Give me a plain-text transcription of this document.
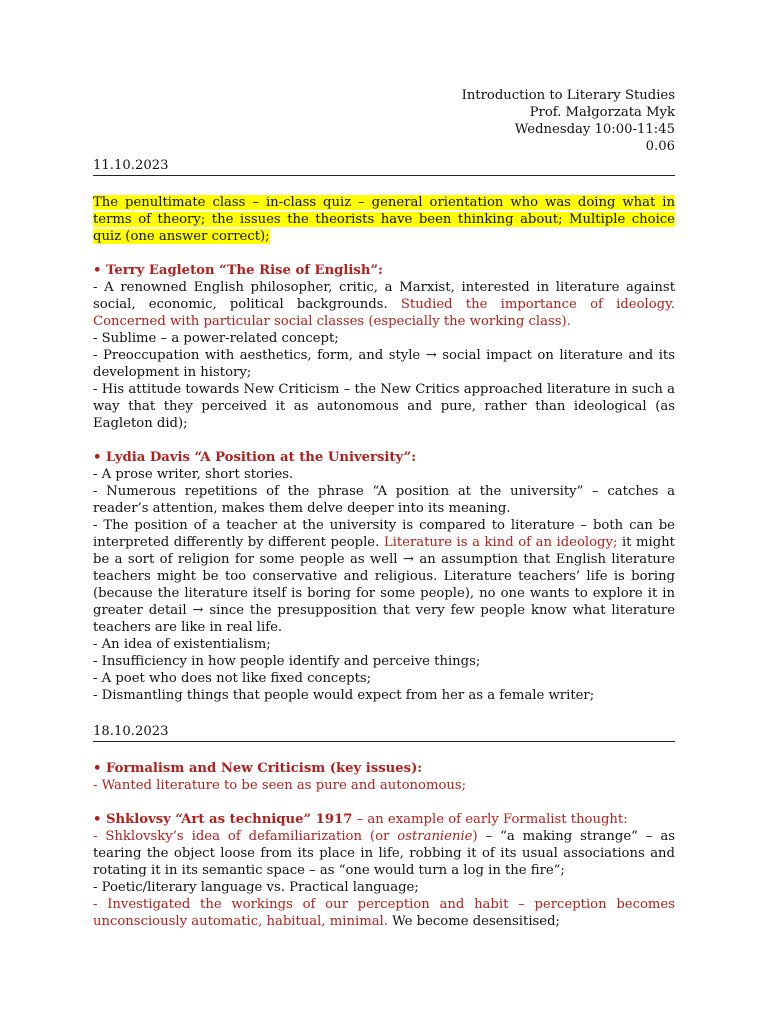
Introduction to Literary Studies
Prof. Małgorzata Myk
Wednesday 10:00-11:45
0.06
11.10.2023
The penultimate class – in-class quiz – general orientation who was doing what in terms of theory; the issues the theorists have been thinking about; Multiple choice quiz (one answer correct);
• Terry Eagleton “The Rise of English”:
- A renowned English philosopher, critic, a Marxist, interested in literature against social, economic, political backgrounds. Studied the importance of ideology. Concerned with particular social classes (especially the working class).
- Sublime – a power-related concept;
- Preoccupation with aesthetics, form, and style → social impact on literature and its development in history;
- His attitude towards New Criticism – the New Critics approached literature in such a way that they perceived it as autonomous and pure, rather than ideological (as Eagleton did);
• Lydia Davis “A Position at the University”:
- A prose writer, short stories.
- Numerous repetitions of the phrase “A position at the university” – catches a reader’s attention, makes them delve deeper into its meaning.
- The position of a teacher at the university is compared to literature – both can be interpreted differently by different people. Literature is a kind of an ideology; it might be a sort of religion for some people as well → an assumption that English literature teachers might be too conservative and religious. Literature teachers’ life is boring (because the literature itself is boring for some people), no one wants to explore it in greater detail → since the presupposition that very few people know what literature teachers are like in real life.
- An idea of existentialism;
- Insufficiency in how people identify and perceive things;
- A poet who does not like fixed concepts;
- Dismantling things that people would expect from her as a female writer;
18.10.2023
• Formalism and New Criticism (key issues):
- Wanted literature to be seen as pure and autonomous;
• Shklovsy “Art as technique” 1917 – an example of early Formalist thought:
- Shklovsky’s idea of defamiliarization (or ostranienie) – “a making strange” – as tearing the object loose from its place in life, robbing it of its usual associations and rotating it in its semantic space – as “one would turn a log in the fire”;
- Poetic/literary language vs. Practical language;
- Investigated the workings of our perception and habit – perception becomes unconsciously automatic, habitual, minimal. We become desensitised;
